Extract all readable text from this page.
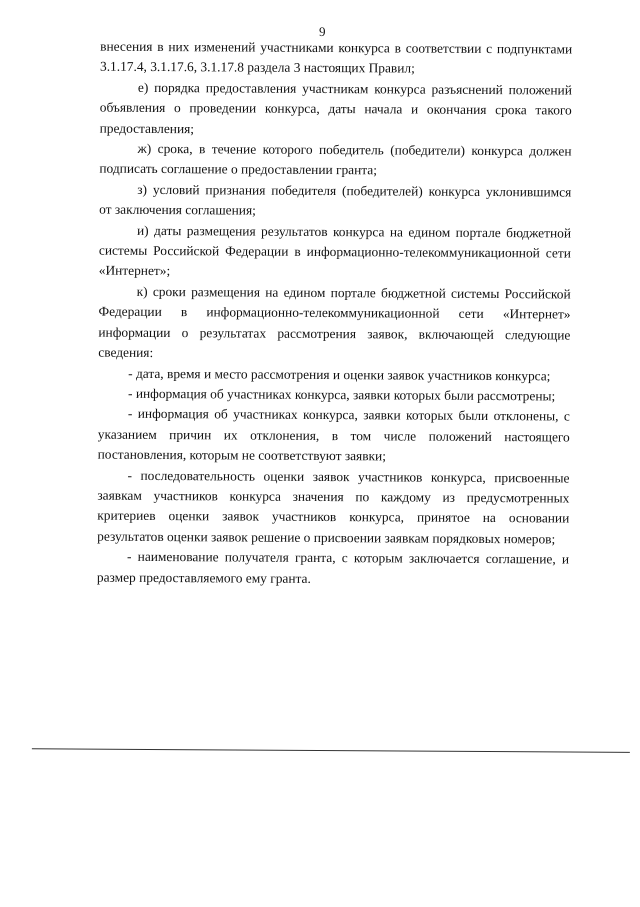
9

внесения в них изменений участниками конкурса в соответствии с подпунктами 3.1.17.4, 3.1.17.6, 3.1.17.8 раздела 3 настоящих Правил;

е) порядка предоставления участникам конкурса разъяснений положений объявления о проведении конкурса, даты начала и окончания срока такого предоставления;

ж) срока, в течение которого победитель (победители) конкурса должен подписать соглашение о предоставлении гранта;

з) условий признания победителя (победителей) конкурса уклонившимся от заключения соглашения;

и) даты размещения результатов конкурса на едином портале бюджетной системы Российской Федерации в информационно-телекоммуникационной сети «Интернет»;

к) сроки размещения на едином портале бюджетной системы Российской Федерации в информационно-телекоммуникационной сети «Интернет» информации о результатах рассмотрения заявок, включающей следующие сведения:

- дата, время и место рассмотрения и оценки заявок участников конкурса;

- информация об участниках конкурса, заявки которых были рассмотрены;

- информация об участниках конкурса, заявки которых были отклонены, с указанием причин их отклонения, в том числе положений настоящего постановления, которым не соответствуют заявки;

- последовательность оценки заявок участников конкурса, присвоенные заявкам участников конкурса значения по каждому из предусмотренных критериев оценки заявок участников конкурса, принятое на основании результатов оценки заявок решение о присвоении заявкам порядковых номеров;

- наименование получателя гранта, с которым заключается соглашение, и размер предоставляемого ему гранта.
